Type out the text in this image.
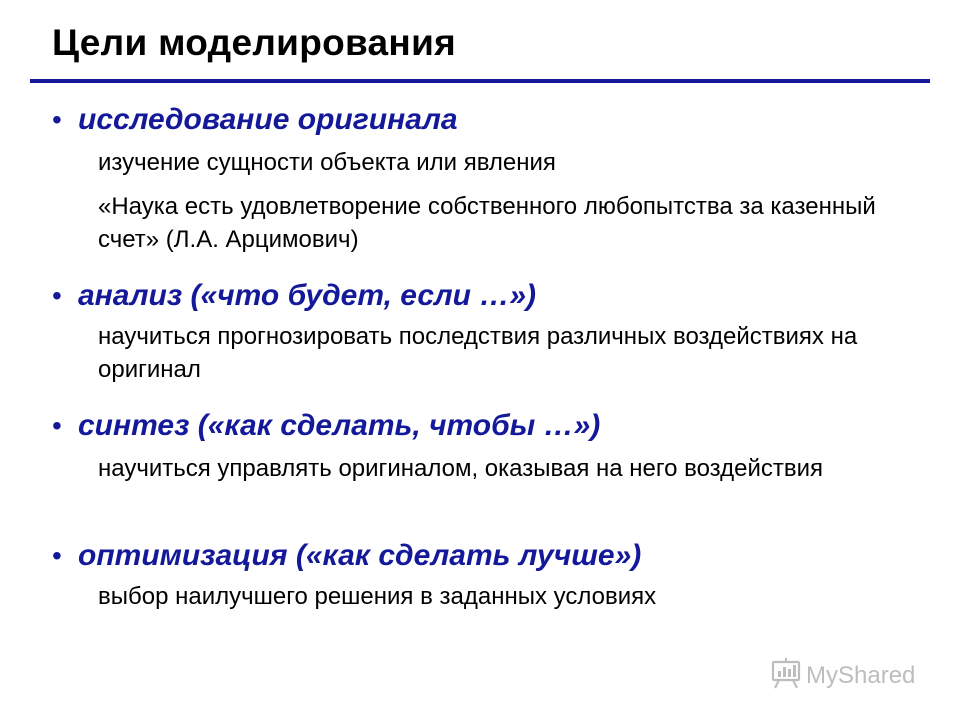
Цели моделирования
• исследование оригинала
изучение сущности объекта или явления
«Наука есть удовлетворение собственного любопытства за казенный счет» (Л.А. Арцимович)
• анализ («что будет, если …»)
научиться прогнозировать последствия различных воздействиях на оригинал
• синтез («как сделать, чтобы …»)
научиться управлять оригиналом, оказывая на него воздействия
• оптимизация («как сделать лучше»)
выбор наилучшего решения в заданных условиях
MyShared
